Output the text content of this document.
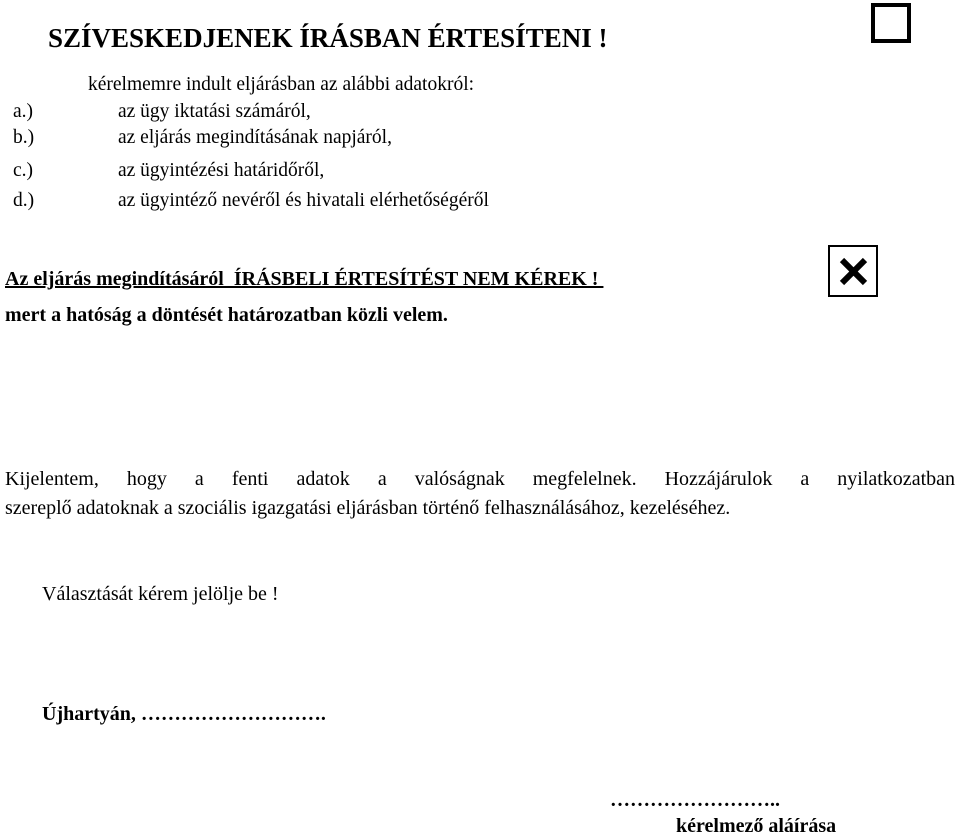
SZÍVESKEDJENEK ÍRÁSBAN ÉRTESÍTENI !
kérelmemre indult eljárásban az alábbi adatokról:
a.)	az ügy iktatási számáról,
b.)	az eljárás megindításának napjáról,
c.)	az ügyintézési határidőről,
d.)	az ügyintéző nevéről és hivatali elérhetőségéről
Az eljárás megindításáról  ÍRÁSBELI ÉRTESÍTÉST NEM KÉREK !
mert a hatóság a döntését határozatban közli velem.
Kijelentem, hogy a fenti adatok a valóságnak megfelelnek. Hozzájárulok a nyilatkozatban
szereplő adatoknak a szociális igazgatási eljárásban történő felhasználásához, kezeléséhez.
Választását kérem jelölje be !
Újhartyán, ……………………….
……………………..
kérelmező aláírása
